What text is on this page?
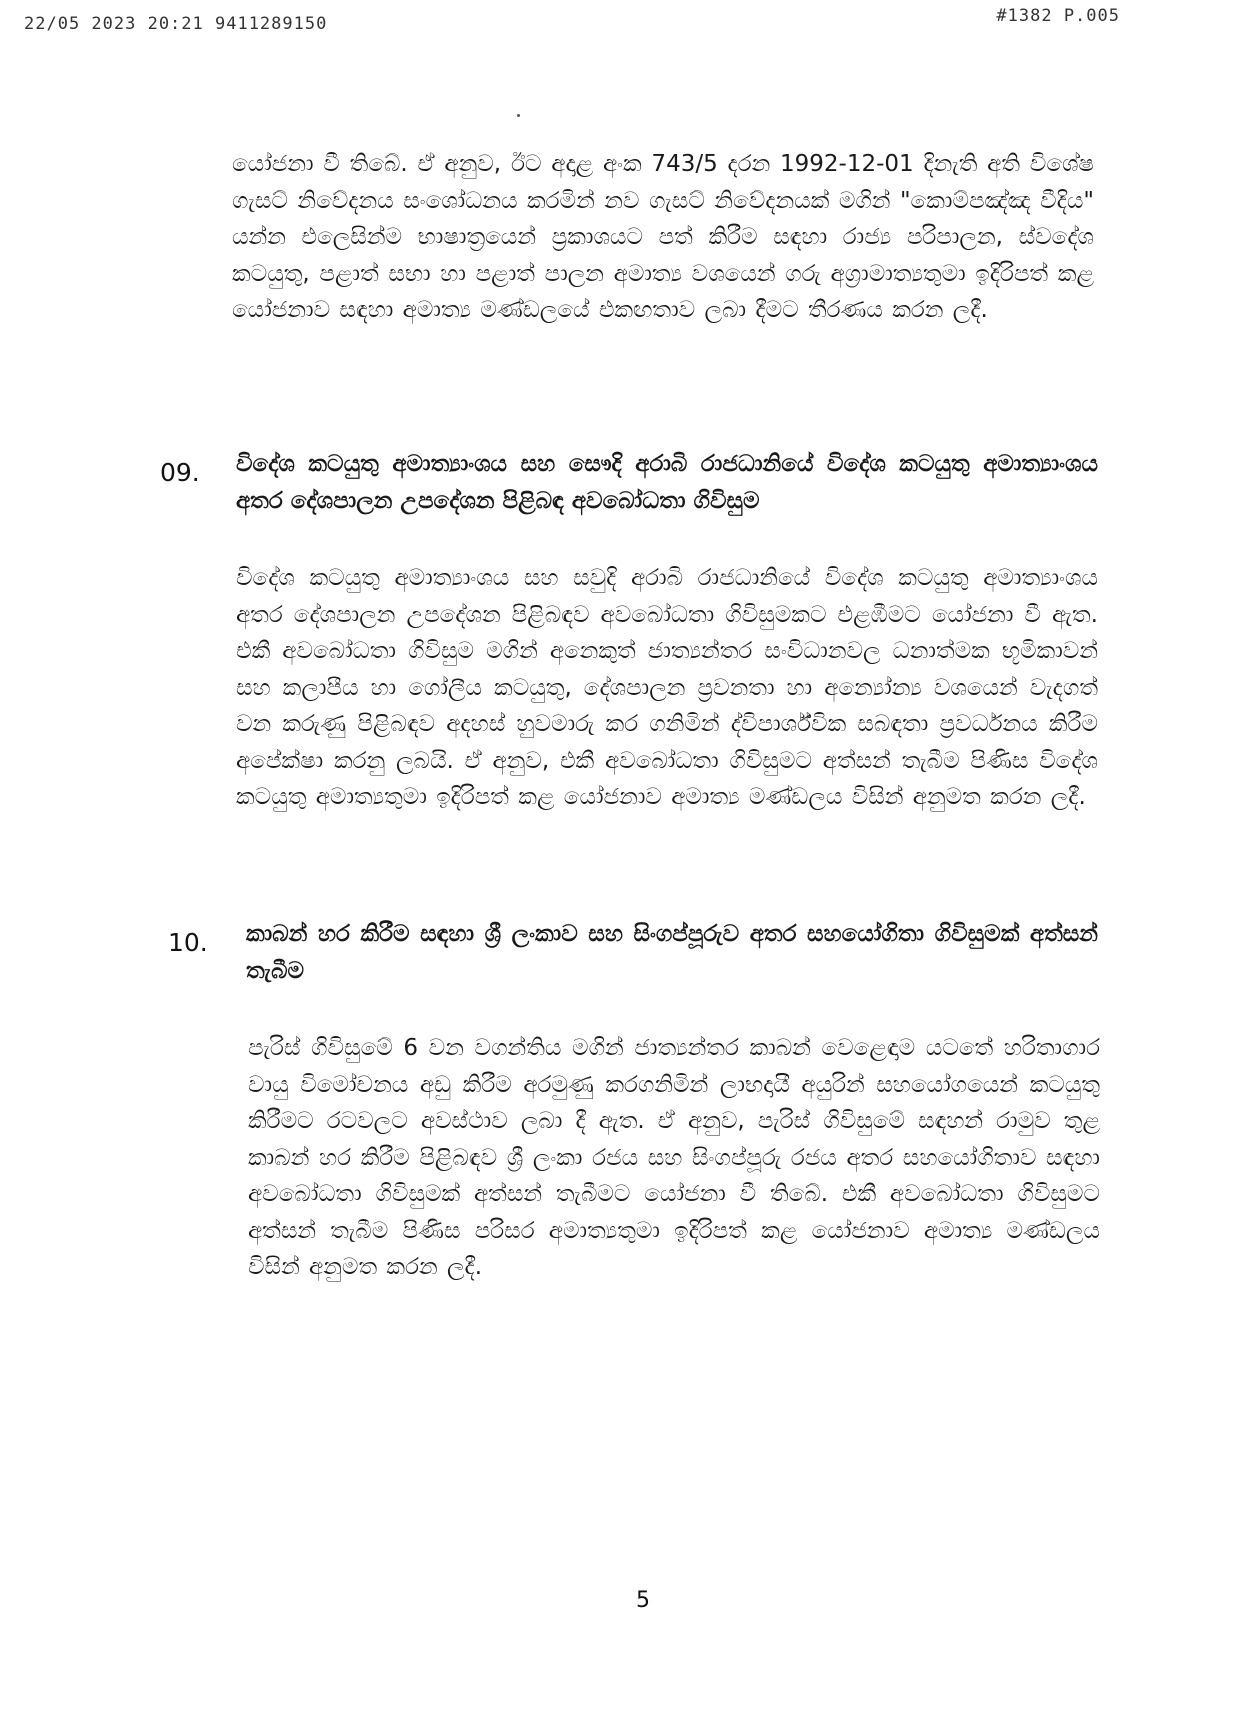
22/05 2023 20:21 9411289150	#1382 P.005

යෝජනා වී තිබේ. ඒ අනුව, ඊට අදාළ අංක 743/5 දරන 1992-12-01 දිනැති අති විශේෂ ගැසට් නිවේදනය සංශෝධනය කරමින් නව ගැසට් නිවේදනයක් මගින් "කොම්පඤ්ඤ වීදිය" යන්න එලෙසින්ම භාෂාත්‍රයෙන් ප්‍රකාශයට පත් කිරීම සඳහා රාජ්‍ය පරිපාලන, ස්වදේශ කටයුතු, පළාත් සභා හා පළාත් පාලන අමාත්‍ය වශයෙන් ගරු අග්‍රාමාත්‍යතුමා ඉදිරිපත් කළ යෝජනාව සඳහා අමාත්‍ය මණ්ඩලයේ එකඟතාව ලබා දීමට තීරණය කරන ලදී.

09. විදේශ කටයුතු අමාත්‍යාංශය සහ සෞදි අරාබි රාජධානියේ විදේශ කටයුතු අමාත්‍යාංශය අතර දේශපාලන උපදේශන පිළිබඳ අවබෝධතා ගිවිසුම

විදේශ කටයුතු අමාත්‍යාංශය සහ සවුදි අරාබි රාජධානියේ විදේශ කටයුතු අමාත්‍යාංශය අතර දේශපාලන උපදේශන පිළිබඳව අවබෝධතා ගිවිසුමකට එළඹීමට යෝජනා වී ඇත. එකී අවබෝධතා ගිවිසුම මගින් අනෙකුත් ජාත්‍යන්තර සංවිධානවල ධනාත්මක භූමිකාවන් සහ කලාපීය හා ගෝලීය කටයුතු, දේශපාලන ප්‍රවනතා හා අන්‍යෝන්‍ය වශයෙන් වැදගත් වන කරුණු පිළිබඳව අදහස් හුවමාරු කර ගනිමින් ද්විපාර්ශ්වික සබඳතා ප්‍රවර්ධනය කිරීම අපේක්ෂා කරනු ලබයි. ඒ අනුව, එකී අවබෝධතා ගිවිසුමට අත්සන් තැබීම පිණිස විදේශ කටයුතු අමාත්‍යතුමා ඉදිරිපත් කළ යෝජනාව අමාත්‍ය මණ්ඩලය විසින් අනුමත කරන ලදී.

10. කාබන් හර කිරීම සඳහා ශ්‍රී ලංකාව සහ සිංගප්පූරුව අතර සහයෝගිතා ගිවිසුමක් අත්සන් තැබීම

පැරිස් ගිවිසුමේ 6 වන වගන්තිය මගින් ජාත්‍යන්තර කාබන් වෙළෙඳාම යටතේ හරිතාගාර වායු විමෝචනය අඩු කිරීම අරමුණු කරගනිමින් ලාභදායී අයුරින් සහයෝගයෙන් කටයුතු කිරීමට රටවලට අවස්ථාව ලබා දී ඇත. ඒ අනුව, පැරිස් ගිවිසුමේ සඳහන් රාමුව තුළ කාබන් හර කිරීම පිළිබඳව ශ්‍රී ලංකා රජය සහ සිංගප්පූරු රජය අතර සහයෝගිතාව සඳහා අවබෝධතා ගිවිසුමක් අත්සන් තැබීමට යෝජනා වී තිබේ. එකී අවබෝධතා ගිවිසුමට අත්සන් තැබීම පිණිස පරිසර අමාත්‍යතුමා ඉදිරිපත් කළ යෝජනාව අමාත්‍ය මණ්ඩලය විසින් අනුමත කරන ලදී.

5
